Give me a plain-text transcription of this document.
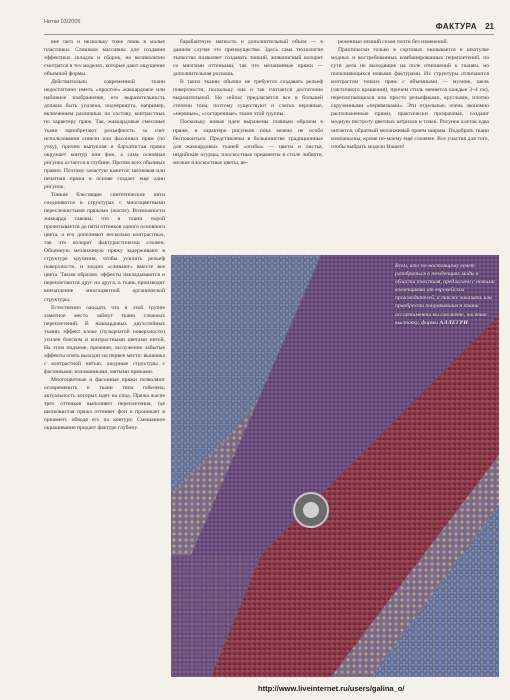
Нитки 03/2005	ФАКТУРА 21

вне чего и нескольку тоже лишь в малые пластинки. Слишком массивны для создания эффектных складок и сборок, но великолепно смотрятся в тех моделях, которые дают ощущение объемной формы.

Действительно современной ткани недостаточно иметь «простое» жаккардовое или набивное изображение, его выразительность должна быть усилена, подчеркнута, например, включением различных по составу, контрастных по характеру пряж. Так, жаккардовые смесовые ткани приобретают рельефность за счет использования синели или фасонных пряж (по утку), причем выпуклая и бархатистая пряжа окружает контур или фон, а сама основная рисунка остается в глубине. Против всех обычных правил. Поэтому зачастую кажется: шелковая или печатная пряжа в основе создает еще один рисунок.

Тонкие блестящие синтетические нити соединяются в структурах с многоцветными переслежистыми пряжами (жаспе). Возможности жаккарда таковы, что в ткани порой прочитывается до пяти оттенков одного основного цвета, а его дополняют несколько контрастных, так что колорит фактуристически сложен. Объемную меланжевую пряжу задерживают в структуре кручения, чтобы усилить рельеф поверхности, и заодно «сливают» вместе все цвета. Таким образом, эффекты накладываются и переплетаются друг на друга, а ткань производит впечатление многоцветной органической структуры.

Естественно ожидать что в этой группе заметное место займут ткани сложных переплетений. В жаккардовых двухслойных тканях эффект клоке (пузырчатой поверхности) усилен блеском и контрастными цветами нитей. На этом подъеме, прежние, заслуженно забытые эффекты опять выходят на первое место: вышивка с контрастной нитью, ажурные структуры с фасонными, изломанными, мятыми пряжами.

Многоцветные и фасонные пряжи позволяют осовременить и ткани типа гобелена, актуальность которых идет на спад. Пряжа жаспе трех оттенков выполняет переплетения, где шелковистая пряжа оттеняет фон и проникает в орнамент, обводя его по контуру. Смешанное окрашивание придает фактуре глубину.

барабантную мягкость и дополнительный объем — в данном случае это преимущество. Здесь сама технология ткачества позволяет создавать тонкий, живописный колорит со многими оттенками, так что меланжевые пряжи — дополнительная роскошь.

В таких тканях обычно не требуется создавать рельеф поверхности, поскольку она и так считается достаточно выразительной. Но сейчас предлагается все в большей степени тона, поэтому существуют и слегка неровные, «нервные», «состаренные» ткани этой группы.

Поскольку новые идеи выражены главным образом в пряже, в характере рисунков пока можно не особо беспокоиться. Представлены в большинстве традиционные для жаккардовых тканей «огибы» — цветы и листья, индийские огурцы, плоскостные орнаменты в стиле либерти, мелкие плоскостные цветы, ве-

реженные зимний сезон почти без изменений.

Практически только в сортовых оказывается в шкатулке модных и востребованных комбинированных переплетений, по сути дела не выходящие на поле отношений к тканям, но пополняющихся новыми фактурами. Их структуры отличаются контрастом тонких пряж с объемными — мулине, шелк (частичного крашения), причем стиль меняется каждые 3–4 см), переплетающихся или просто рельефными, круглыми, плотно скрученными «перевязками». Эти отдельные, очень экономно расположенные пряжи, практически прозрачные, создают модную пестроту цветных штрихов и точек. Рисунок клеток едва читается, обратный меланжевый прием ширмы. Подобрать ткани компаньоны, кроме по-моему ещё сложнее. Все участия для того, чтобы выбрать модели Нашеп!

Всем, кто по-настоящему хочет разобраться в тенденциях моды в области текстиля, предлагаем с новыми коллекциями от европейских производителей, а также заказать или приобрести понравившиеся ткани ассортимента вы сможете, посетив выставку, фирмы АЛЛЕГРИ
http://www.liveinternet.ru/users/galina_o/
